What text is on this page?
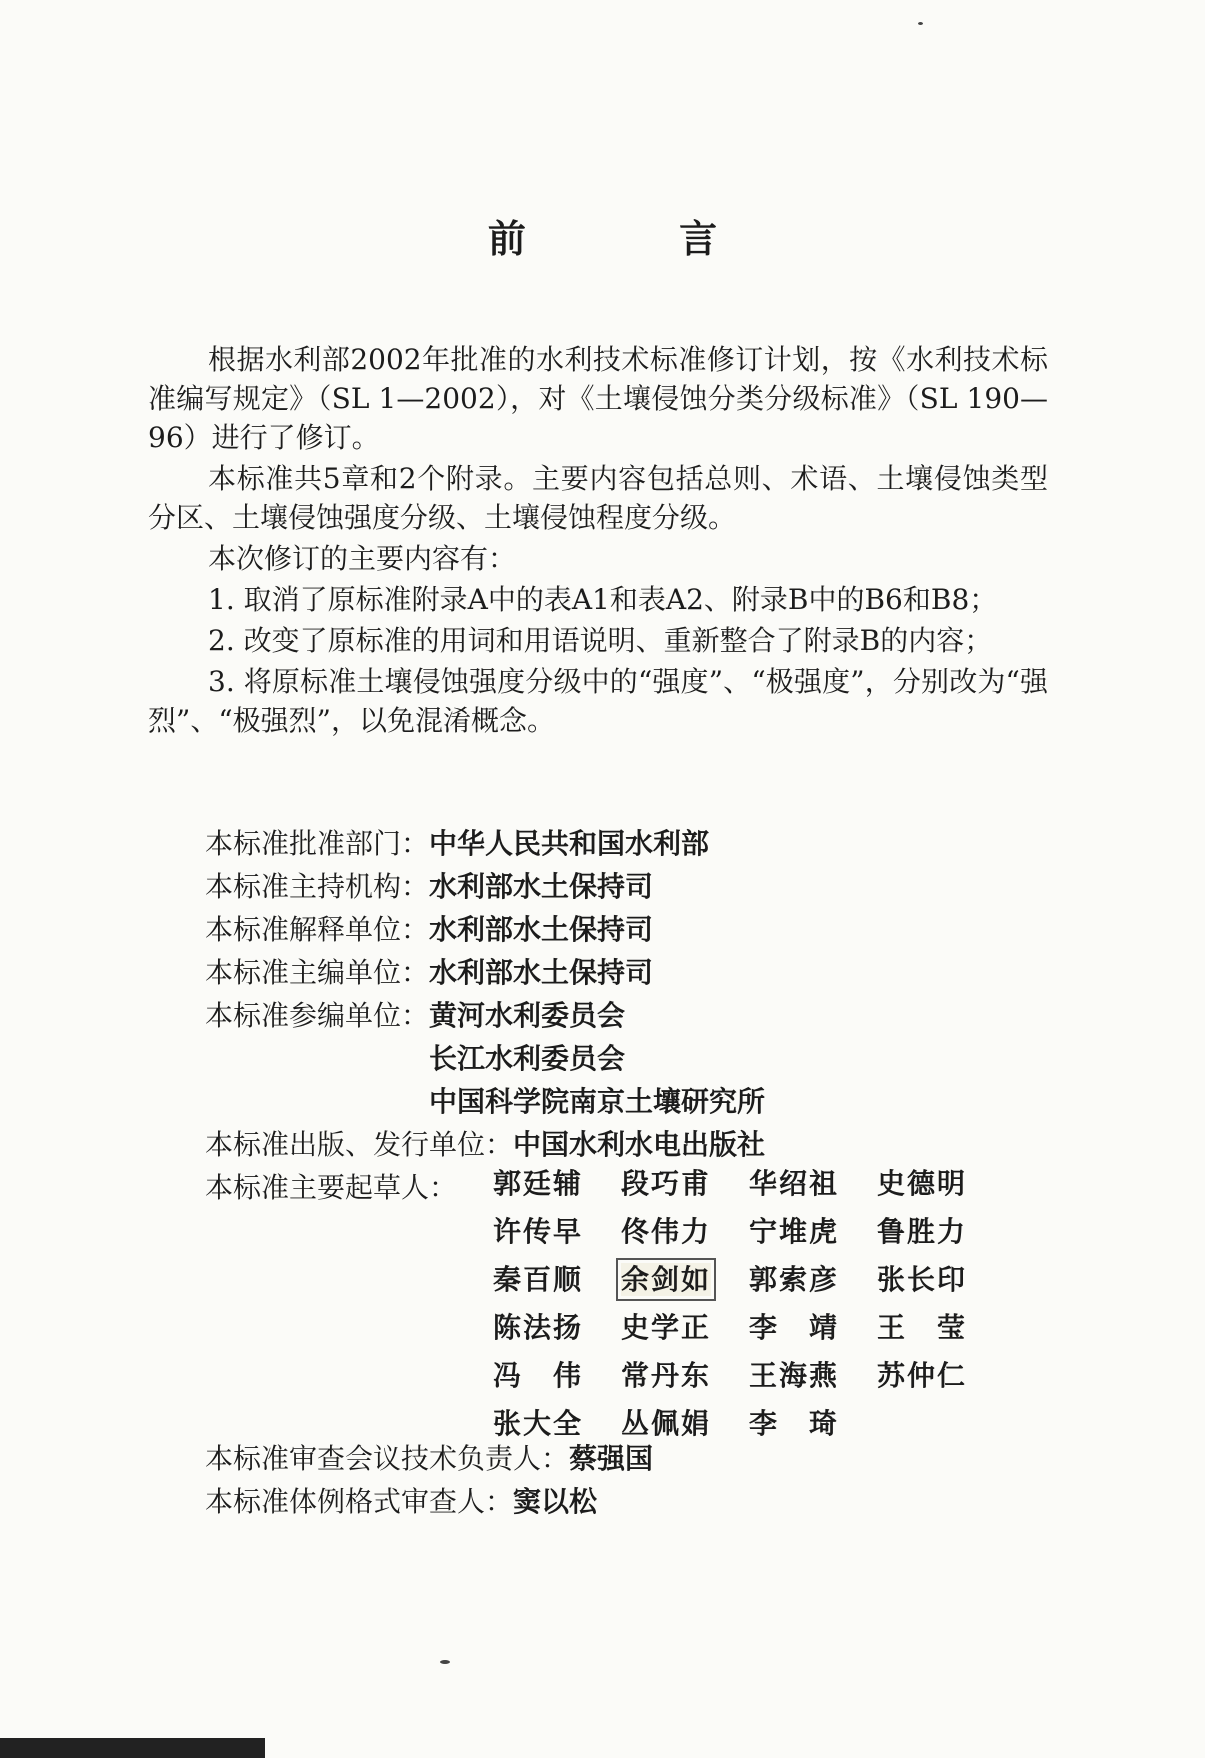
前 言

根据水利部2002年批准的水利技术标准修订计划，按《水利技术标准编写规定》（SL 1—2002），对《土壤侵蚀分类分级标准》（SL 190—96）进行了修订。

本标准共5章和2个附录。主要内容包括总则、术语、土壤侵蚀类型分区、土壤侵蚀强度分级、土壤侵蚀程度分级。

本次修订的主要内容有：

1. 取消了原标准附录A中的表A1和表A2、附录B中的B6和B8；

2. 改变了原标准的用词和用语说明、重新整合了附录B的内容；

3. 将原标准土壤侵蚀强度分级中的“强度”、“极强度”，分别改为“强烈”、“极强烈”，以免混淆概念。

本标准批准部门： 中华人民共和国水利部
本标准主持机构： 水利部水土保持司
本标准解释单位： 水利部水土保持司
本标准主编单位： 水利部水土保持司
本标准参编单位： 黄河水利委员会
长江水利委员会
中国科学院南京土壤研究所
本标准出版、发行单位： 中国水利水电出版社
本标准主要起草人： 郭廷辅	段巧甫	华绍祖	史德明
许传早	佟伟力	宁堆虎	鲁胜力
秦百顺	余剑如	郭索彦	张长印
陈法扬	史学正	李　靖	王　莹
冯　伟	常丹东	王海燕	苏仲仁
张大全	丛佩娟	李　琦
本标准审查会议技术负责人： 蔡强国
本标准体例格式审查人： 窦以松
